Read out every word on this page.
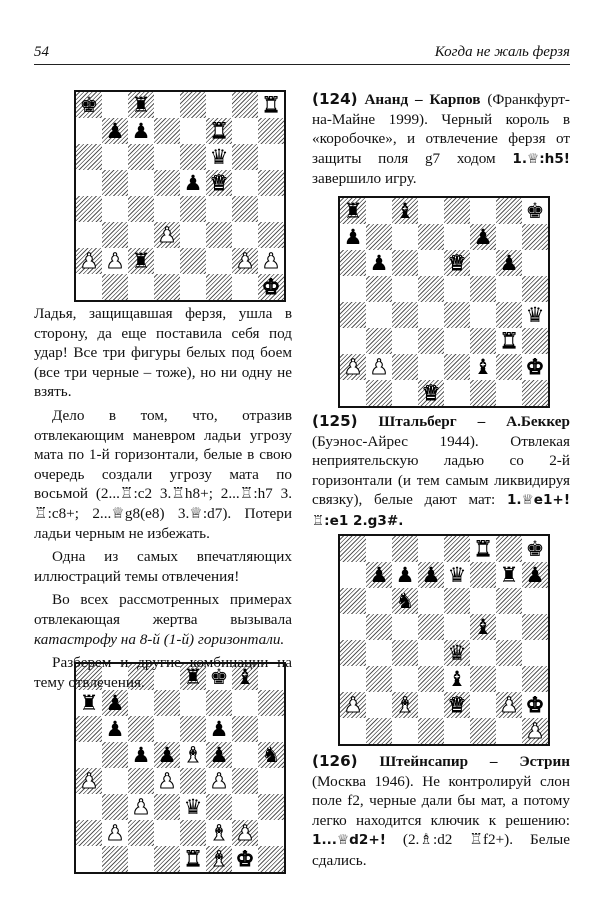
54	Когда не жаль ферзя
♚ ♜	♜
♟ ♟	♜
♛
♟ ♛
♟
♟ ♟ ♜	♟ ♟
♚
♜ ♝	♚
♟	♟
♟	♛ ♟
♛
♜
♟ ♟	♝ ♚
♛
♜ ♚
♟ ♟ ♟ ♛ ♜ ♟
♞
♝
♛
♝
♟ ♝ ♛ ♟ ♚
♟
♜ ♚ ♝
♜ ♟
♟	♟
♟ ♟ ♝ ♟ ♞
♟	♟ ♟
♟ ♛
♟	♝ ♟
♜ ♝ ♚

Ладья, защищавшая ферзя, ушла в сторону, да еще поставила себя под удар! Все три фигуры белых под боем (все три черные – тоже), но ни одну не взять.

Дело в том, что, отразив отвлекающим маневром ладьи угрозу мата по 1-й горизонтали, белые в свою очередь создали угрозу мата по восьмой (2...♖:c2 3.♖h8+; 2...♖:h7 3. ♖:c8+; 2...♕g8(e8) 3.♕:d7). Потери ладьи черным не избежать.

Одна из самых впечатляющих иллюстраций темы отвлечения!

Во всех рассмотренных примерах отвлекающая жертва вызывала катастрофу на 8-й (1-й) горизонтали.

Разберем и другие комбинации на тему отвлечения.

(124) Ананд – Карпов (Франкфурт-на-Майне 1999). Черный король в «коробочке», и отвлечение ферзя от защиты поля g7 ходом 1.♕:h5! завершило игру.

(125) Штальберг – А.Беккер (Буэнос-Айрес 1944). Отвлекая неприятельскую ладью со 2-й горизонтали (и тем самым ликвидируя связку), белые дают мат: 1.♕e1+! ♖:e1 2.g3#.

(126) Штейнсапир – Эстрин (Москва 1946). Не контролируй слон поле f2, черные дали бы мат, а потому легко находится ключик к решению: 1...♕d2+! (2.♗:d2 ♖f2+). Белые сдались.
